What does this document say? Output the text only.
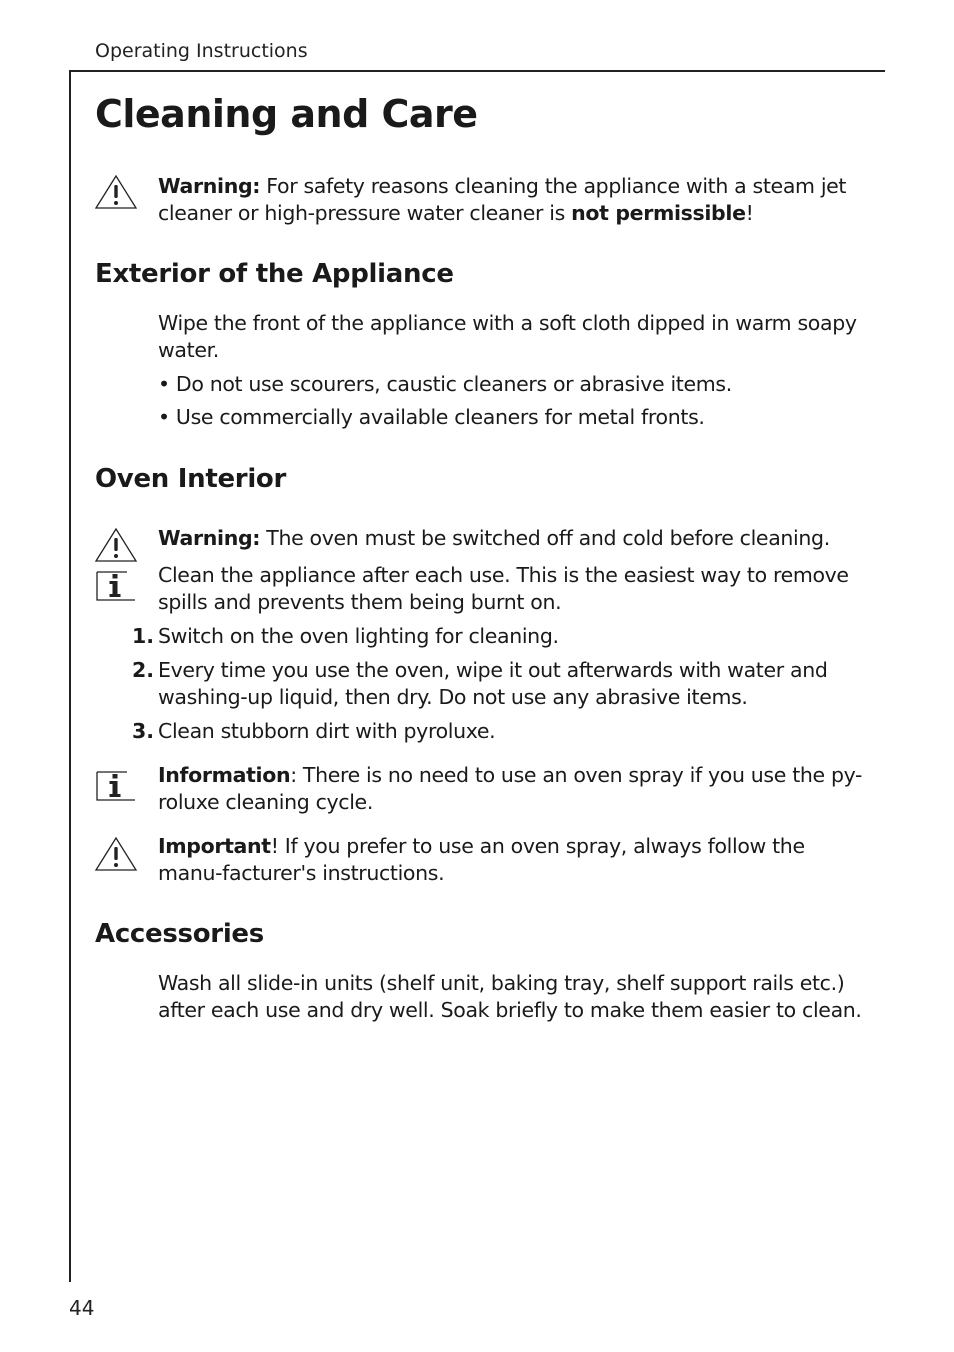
Operating Instructions
Cleaning and Care

Warning: For safety reasons cleaning the appliance with a steam jet cleaner or high-pressure water cleaner is not permissible!

Exterior of the Appliance

Wipe the front of the appliance with a soft cloth dipped in warm soapy water.

• Do not use scourers, caustic cleaners or abrasive items.

• Use commercially available cleaners for metal fronts.

Oven Interior

Warning: The oven must be switched off and cold before cleaning.

Clean the appliance after each use. This is the easiest way to remove spills and prevents them being burnt on.

1. Switch on the oven lighting for cleaning.

2. Every time you use the oven, wipe it out afterwards with water and washing-up liquid, then dry. Do not use any abrasive items.

3. Clean stubborn dirt with pyroluxe.

Information: There is no need to use an oven spray if you use the py-roluxe cleaning cycle.

Important! If you prefer to use an oven spray, always follow the manu-facturer's instructions.

Accessories

Wash all slide-in units (shelf unit, baking tray, shelf support rails etc.) after each use and dry well. Soak briefly to make them easier to clean.

44
